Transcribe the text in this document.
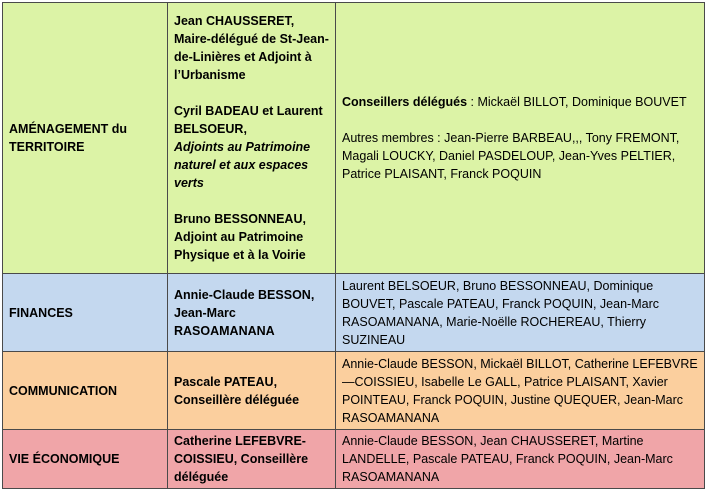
AMÉNAGEMENT du TERRITOIRE	Jean CHAUSSERET, Maire-délégué de St-Jean-de-Linières et Adjoint à l’Urbanisme
Cyril BADEAU et Laurent BELSOEUR,
Adjoints au Patrimoine naturel et aux espaces verts
Bruno BESSONNEAU, Adjoint au Patrimoine Physique et à la Voirie	Conseillers délégués : Mickaël BILLOT, Dominique BOUVET
Autres membres : Jean-Pierre BARBEAU,,, Tony FREMONT, Magali LOUCKY, Daniel PASDELOUP, Jean-Yves PELTIER, Patrice PLAISANT, Franck POQUIN

FINANCES	Annie-Claude BESSON, Jean-Marc RASOAMANANA	Laurent BELSOEUR, Bruno BESSONNEAU, Dominique BOUVET, Pascale PATEAU, Franck POQUIN, Jean-Marc RASOAMANANA, Marie-Noëlle ROCHEREAU, Thierry SUZINEAU
COMMUNICATION	Pascale PATEAU, Conseillère déléguée	Annie-Claude BESSON, Mickaël BILLOT, Catherine LEFEBVRE—COISSIEU, Isabelle Le GALL, Patrice PLAISANT, Xavier POINTEAU, Franck POQUIN, Justine QUEQUER, Jean-Marc RASOAMANANA
VIE ÉCONOMIQUE	Catherine LEFEBVRE-COISSIEU, Conseillère déléguée	Annie-Claude BESSON, Jean CHAUSSERET, Martine LANDELLE, Pascale PATEAU, Franck POQUIN, Jean-Marc RASOAMANANA
